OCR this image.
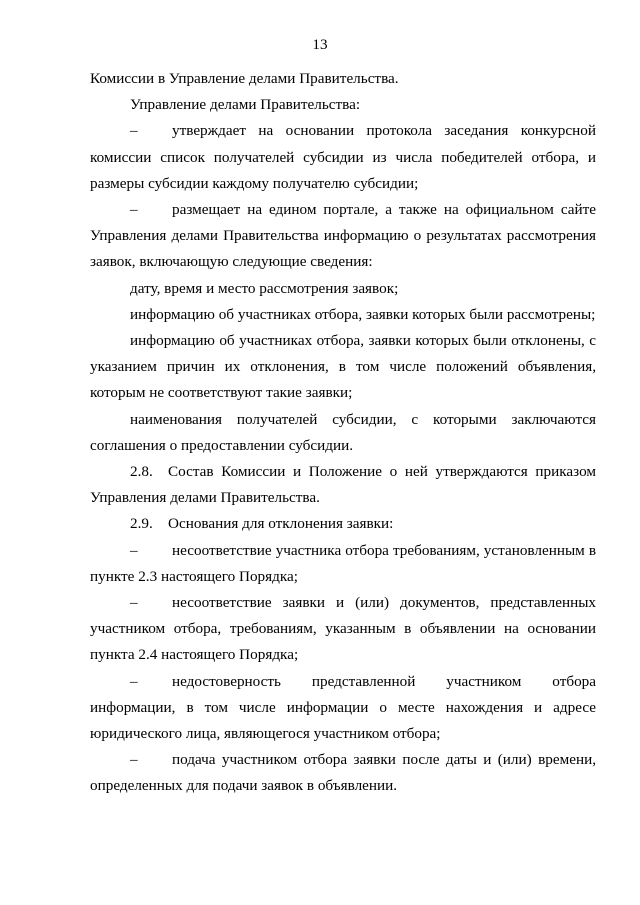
13
Комиссии в Управление делами Правительства.
Управление делами Правительства:
– утверждает на основании протокола заседания конкурсной
комиссии список получателей субсидии из числа победителей отбора, и
размеры субсидии каждому получателю субсидии;
– размещает на едином портале, а также на официальном сайте
Управления делами Правительства информацию о результатах рассмотрения
заявок, включающую следующие сведения:
дату, время и место рассмотрения заявок;
информацию об участниках отбора, заявки которых были рассмотрены;
информацию об участниках отбора, заявки которых были отклонены, с
указанием причин их отклонения, в том числе положений объявления,
которым не соответствуют такие заявки;
наименования получателей субсидии, с которыми заключаются
соглашения о предоставлении субсидии.
2.8. Состав Комиссии и Положение о ней утверждаются приказом
Управления делами Правительства.
2.9. Основания для отклонения заявки:
– несоответствие участника отбора требованиям, установленным в
пункте 2.3 настоящего Порядка;
– несоответствие заявки и (или) документов, представленных
участником отбора, требованиям, указанным в объявлении на основании
пункта 2.4 настоящего Порядка;
– недостоверность представленной участником отбора
информации, в том числе информации о месте нахождения и адресе
юридического лица, являющегося участником отбора;
– подача участником отбора заявки после даты и (или) времени,
определенных для подачи заявок в объявлении.
